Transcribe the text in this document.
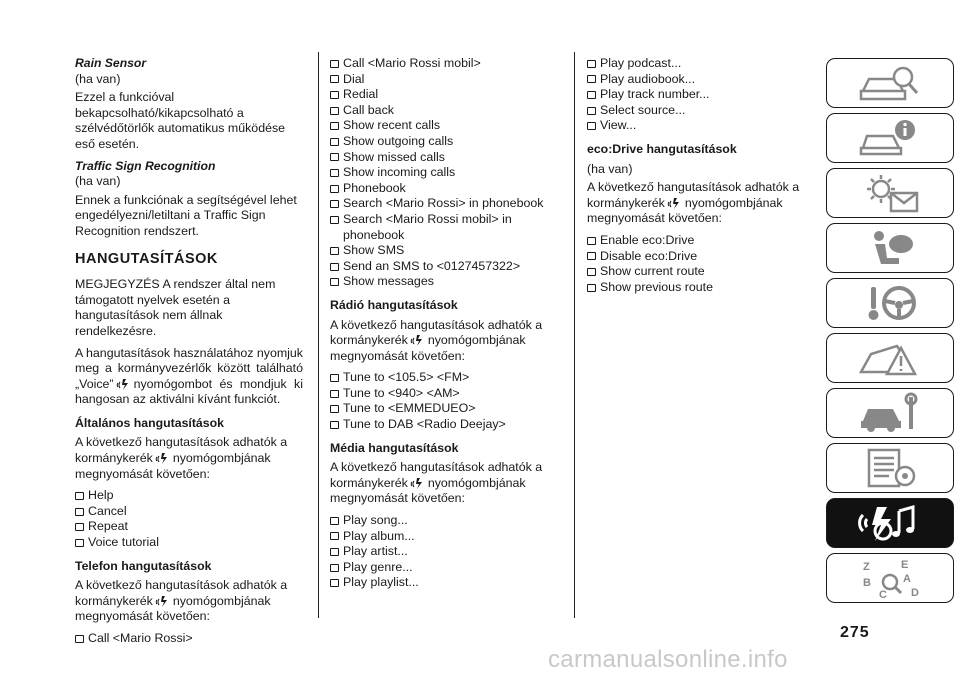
Rain Sensor
(ha van)

Ezzel a funkcióval bekapcsolható/kikapcsolható a szélvédőtörlők automatikus működése eső esetén.

Traffic Sign Recognition
(ha van)

Ennek a funkciónak a segítségével lehet engedélyezni/letiltani a Traffic Sign Recognition rendszert.

HANGUTASÍTÁSOK

MEGJEGYZÉS A rendszer által nem támogatott nyelvek esetén a hangutasítások nem állnak rendelkezésre.

A hangutasítások használatához nyomjuk meg a kormányvezérlők között található „Voice” nyomógombot és mondjuk ki hangosan az aktiválni kívánt funkciót.

Általános hangutasítások

A következő hangutasítások adhatók a kormánykerék nyomógombjának megnyomását követően:

Help
Cancel
Repeat
Voice tutorial
Telefon hangutasítások

A következő hangutasítások adhatók a kormánykerék nyomógombjának megnyomását követően:

Call <Mario Rossi>
Call <Mario Rossi mobil>
Dial
Redial
Call back
Show recent calls
Show outgoing calls
Show missed calls
Show incoming calls
Phonebook
Search <Mario Rossi> in phonebook
Search <Mario Rossi mobil> in phonebook
Show SMS
Send an SMS to <0127457322>
Show messages
Rádió hangutasítások

A következő hangutasítások adhatók a kormánykerék nyomógombjának megnyomását követően:

Tune to <105.5> <FM>
Tune to <940> <AM>
Tune to <EMMEDUEO>
Tune to DAB <Radio Deejay>
Média hangutasítások

A következő hangutasítások adhatók a kormánykerék nyomógombjának megnyomását követően:

Play song...
Play album...
Play artist...
Play genre...
Play playlist...
Play podcast...
Play audiobook...
Play track number...
Select source...
View...
eco:Drive hangutasítások
(ha van)

A következő hangutasítások adhatók a kormánykerék nyomógombjának megnyomását követően:

Enable eco:Drive
Disable eco:Drive
Show current route
Show previous route
Z	E
B	A
C D
275
carmanualsonline.info
